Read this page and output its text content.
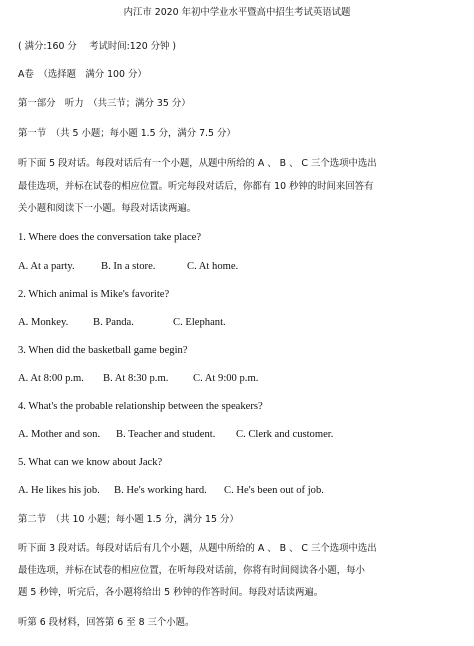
内江市 2020 年初中学业水平暨高中招生考试英语试题
( 满分:160 分　 考试时间:120 分钟 )
A卷　（选择题　满分 100 分）
第一部分　听力　（共三节；满分 35 分）
第一节　（共 5 小题；每小题 1.5 分，满分 7.5 分）
听下面 5 段对话。每段对话后有一个小题，从题中所给的 A 、 B 、 C 三个选项中选出
最佳选项，并标在试卷的相应位置。听完每段对话后，你都有 10 秒钟的时间来回答有
关小题和阅读下一小题。每段对话读两遍。
1. Where does the conversation take place?
A. At a party.	B. In a store.	C. At home.
2. Which animal is Mike's favorite?
A. Monkey.	B. Panda.	C. Elephant.
3. When did the basketball game begin?
A. At 8:00 p.m.	B. At 8:30 p.m.	C. At 9:00 p.m.
4. What's the probable relationship between the speakers?
A. Mother and son.	B. Teacher and student.	C. Clerk and customer.
5. What can we know about Jack?
A. He likes his job.	B. He's working hard.	C. He's been out of job.
第二节　（共 10 小题；每小题 1.5 分，满分 15 分）
听下面 3 段对话。每段对话后有几个小题，从题中所给的 A 、 B 、 C 三个选项中选出
最佳选项，并标在试卷的相应位置，在听每段对话前，你将有时间阅读各小题，每小
题 5 秒钟，听完后，各小题将给出 5 秒钟的作答时间。每段对话读两遍。
听第 6 段材料，回答第 6 至 8 三个小题。
